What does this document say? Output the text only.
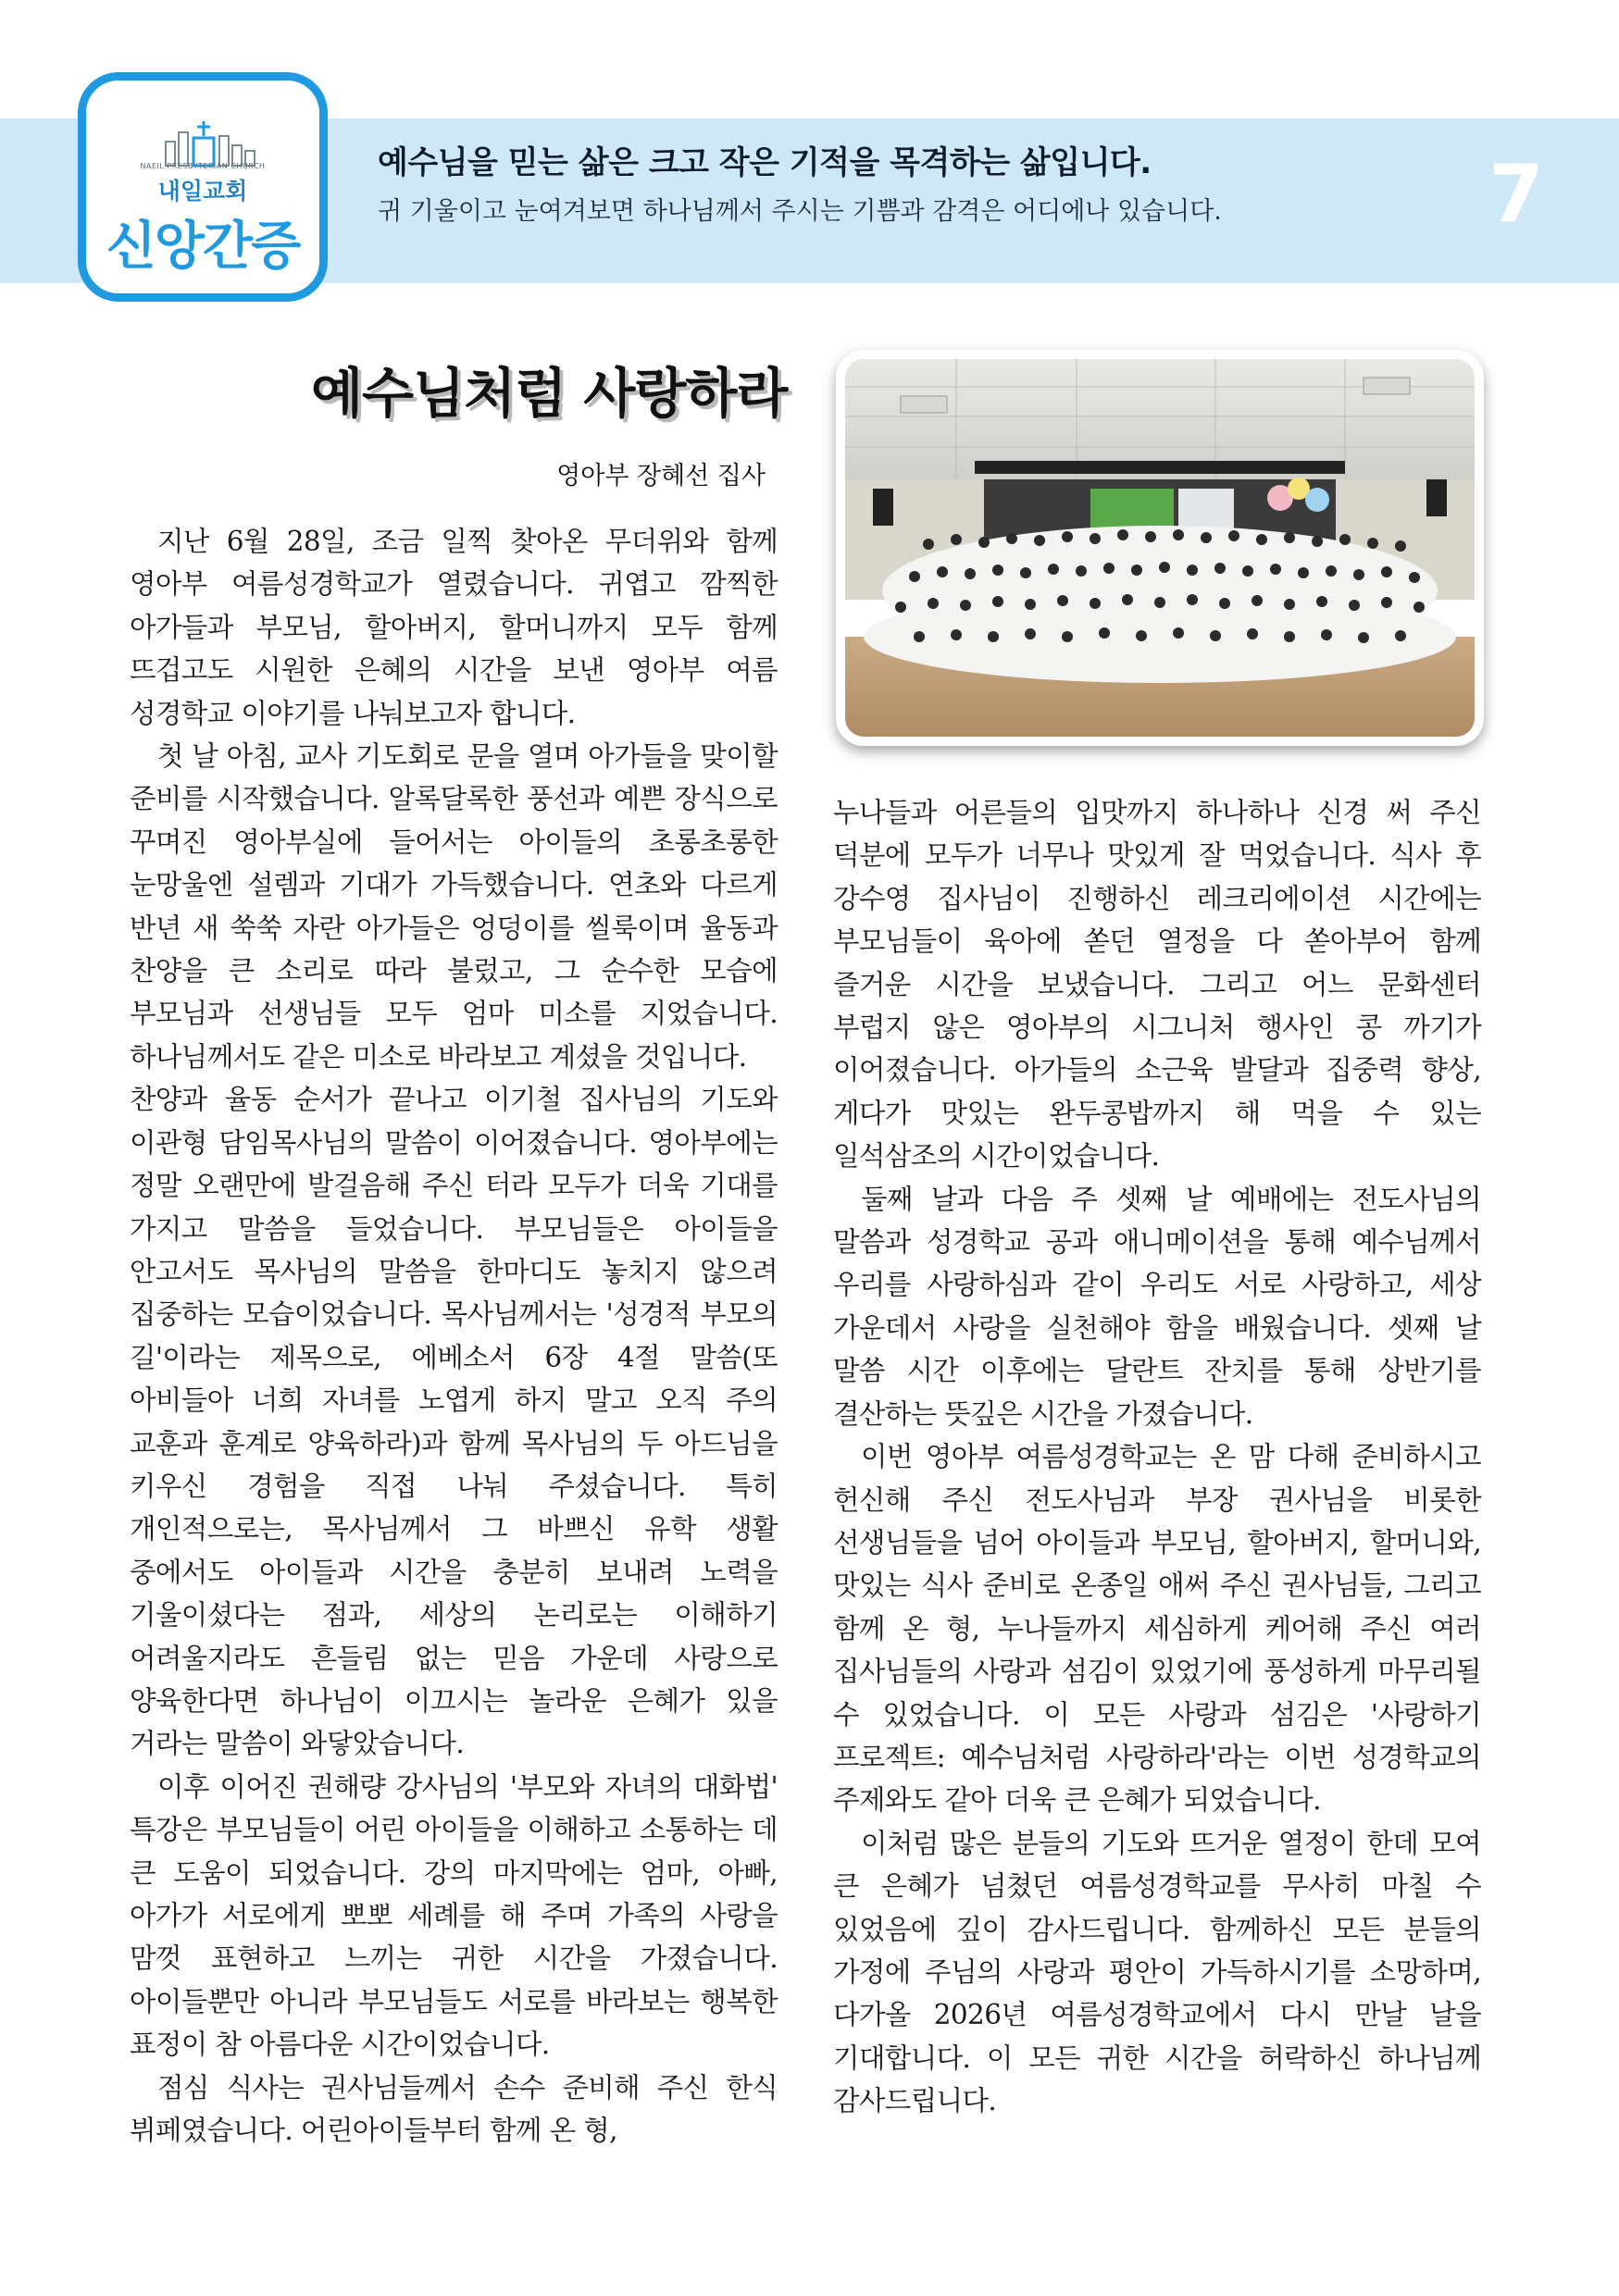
NAEIL PRESBYTERIAN CHURCH
내일교회
신앙간증
예수님을 믿는 삶은 크고 작은 기적을 목격하는 삶입니다.
귀 기울이고 눈여겨보면 하나님께서 주시는 기쁨과 감격은 어디에나 있습니다.	7
예수님처럼 사랑하라
영아부 장혜선 집사

지난 6월 28일, 조금 일찍 찾아온 무더위와 함께 영아부 여름성경학교가 열렸습니다. 귀엽고 깜찍한 아가들과 부모님, 할아버지, 할머니까지 모두 함께 뜨겁고도 시원한 은혜의 시간을 보낸 영아부 여름 성경학교 이야기를 나눠보고자 합니다.

첫 날 아침, 교사 기도회로 문을 열며 아가들을 맞이할 준비를 시작했습니다. 알록달록한 풍선과 예쁜 장식으로 꾸며진 영아부실에 들어서는 아이들의 초롱초롱한 눈망울엔 설렘과 기대가 가득했습니다. 연초와 다르게 반년 새 쑥쑥 자란 아가들은 엉덩이를 씰룩이며 율동과 찬양을 큰 소리로 따라 불렀고, 그 순수한 모습에 부모님과 선생님들 모두 엄마 미소를 지었습니다. 하나님께서도 같은 미소로 바라보고 계셨을 것입니다.

찬양과 율동 순서가 끝나고 이기철 집사님의 기도와 이관형 담임목사님의 말씀이 이어졌습니다. 영아부에는 정말 오랜만에 발걸음해 주신 터라 모두가 더욱 기대를 가지고 말씀을 들었습니다. 부모님들은 아이들을 안고서도 목사님의 말씀을 한마디도 놓치지 않으려 집중하는 모습이었습니다. 목사님께서는 '성경적 부모의 길'이라는 제목으로, 에베소서 6장 4절 말씀(또 아비들아 너희 자녀를 노엽게 하지 말고 오직 주의 교훈과 훈계로 양육하라)과 함께 목사님의 두 아드님을 키우신 경험을 직접 나눠 주셨습니다. 특히 개인적으로는, 목사님께서 그 바쁘신 유학 생활 중에서도 아이들과 시간을 충분히 보내려 노력을 기울이셨다는 점과, 세상의 논리로는 이해하기 어려울지라도 흔들림 없는 믿음 가운데 사랑으로 양육한다면 하나님이 이끄시는 놀라운 은혜가 있을 거라는 말씀이 와닿았습니다.

이후 이어진 권해량 강사님의 '부모와 자녀의 대화법' 특강은 부모님들이 어린 아이들을 이해하고 소통하는 데 큰 도움이 되었습니다. 강의 마지막에는 엄마, 아빠, 아가가 서로에게 뽀뽀 세례를 해 주며 가족의 사랑을 맘껏 표현하고 느끼는 귀한 시간을 가졌습니다. 아이들뿐만 아니라 부모님들도 서로를 바라보는 행복한 표정이 참 아름다운 시간이었습니다.

점심 식사는 권사님들께서 손수 준비해 주신 한식 뷔페였습니다. 어린아이들부터 함께 온 형,

누나들과 어른들의 입맛까지 하나하나 신경 써 주신 덕분에 모두가 너무나 맛있게 잘 먹었습니다. 식사 후 강수영 집사님이 진행하신 레크리에이션 시간에는 부모님들이 육아에 쏟던 열정을 다 쏟아부어 함께 즐거운 시간을 보냈습니다. 그리고 어느 문화센터 부럽지 않은 영아부의 시그니처 행사인 콩 까기가 이어졌습니다. 아가들의 소근육 발달과 집중력 향상, 게다가 맛있는 완두콩밥까지 해 먹을 수 있는 일석삼조의 시간이었습니다.

둘째 날과 다음 주 셋째 날 예배에는 전도사님의 말씀과 성경학교 공과 애니메이션을 통해 예수님께서 우리를 사랑하심과 같이 우리도 서로 사랑하고, 세상 가운데서 사랑을 실천해야 함을 배웠습니다. 셋째 날 말씀 시간 이후에는 달란트 잔치를 통해 상반기를 결산하는 뜻깊은 시간을 가졌습니다.

이번 영아부 여름성경학교는 온 맘 다해 준비하시고 헌신해 주신 전도사님과 부장 권사님을 비롯한 선생님들을 넘어 아이들과 부모님, 할아버지, 할머니와, 맛있는 식사 준비로 온종일 애써 주신 권사님들, 그리고 함께 온 형, 누나들까지 세심하게 케어해 주신 여러 집사님들의 사랑과 섬김이 있었기에 풍성하게 마무리될 수 있었습니다. 이 모든 사랑과 섬김은 '사랑하기 프로젝트: 예수님처럼 사랑하라'라는 이번 성경학교의 주제와도 같아 더욱 큰 은혜가 되었습니다.

이처럼 많은 분들의 기도와 뜨거운 열정이 한데 모여 큰 은혜가 넘쳤던 여름성경학교를 무사히 마칠 수 있었음에 깊이 감사드립니다. 함께하신 모든 분들의 가정에 주님의 사랑과 평안이 가득하시기를 소망하며, 다가올 2026년 여름성경학교에서 다시 만날 날을 기대합니다. 이 모든 귀한 시간을 허락하신 하나님께 감사드립니다.
